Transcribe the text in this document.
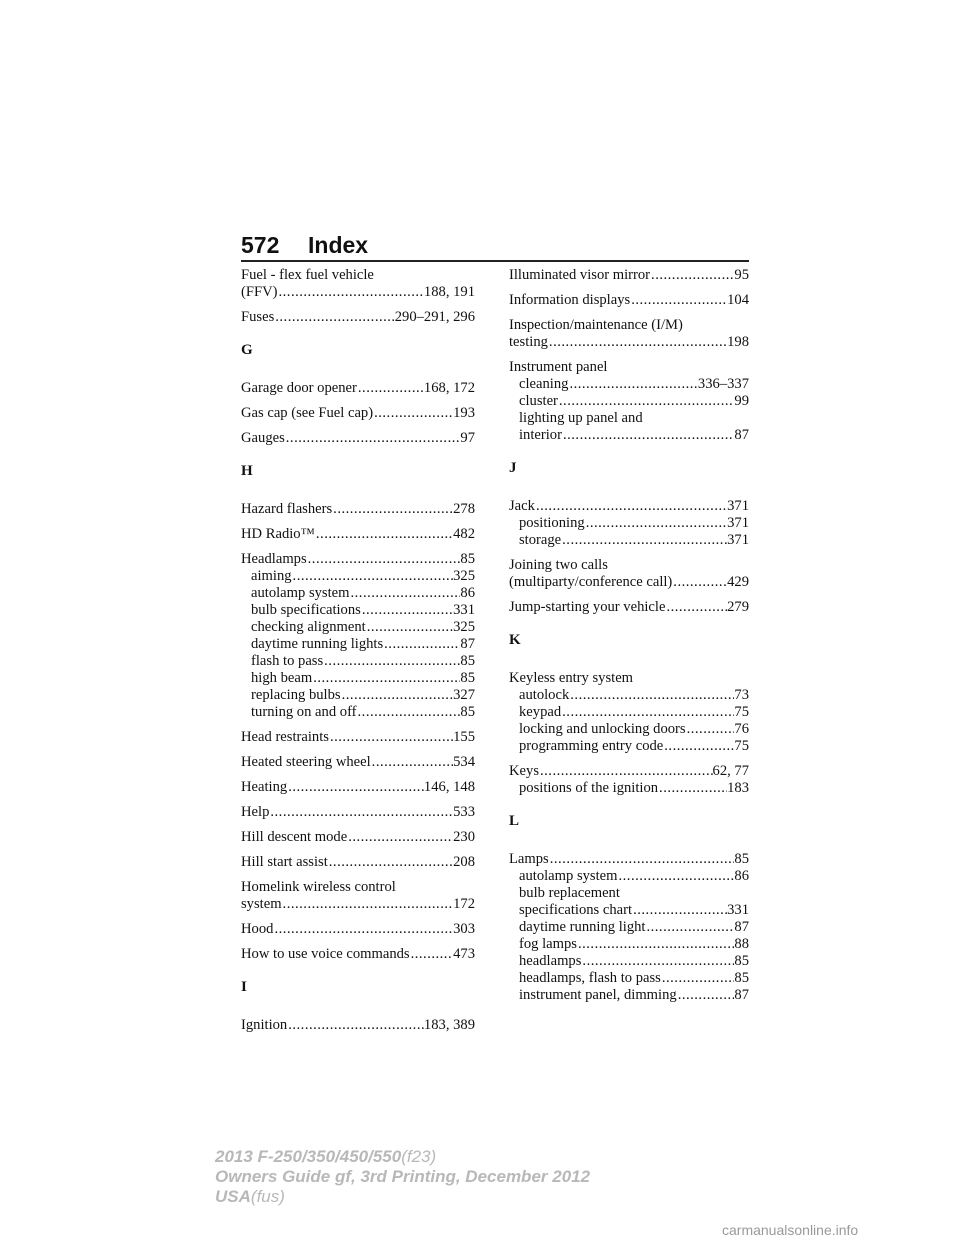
572 Index
Fuel - flex fuel vehicle
(FFV) .....	188, 191
Fuses .....	290–291, 296
G
Garage door opener .....	168, 172
Gas cap (see Fuel cap) .....	193
Gauges .....	97
H
Hazard flashers .....	278
HD Radio™ .....	482
Headlamps .....	85
aiming .....	325
autolamp system .....	86
bulb specifications .....	331
checking alignment .....	325
daytime running lights .....	87
flash to pass .....	85
high beam .....	85
replacing bulbs .....	327
turning on and off .....	85
Head restraints .....	155
Heated steering wheel .....	534
Heating .....	146, 148
Help .....	533
Hill descent mode .....	230
Hill start assist .....	208
Homelink wireless control
system .....	172
Hood .....	303
How to use voice commands .....	473
I
Ignition .....	183, 389
Illuminated visor mirror .....	95
Information displays .....	104
Inspection/maintenance (I/M)
testing .....	198
Instrument panel
cleaning .....	336–337
cluster .....	99
lighting up panel and
interior .....	87
J
Jack .....	371
positioning .....	371
storage .....	371
Joining two calls
(multiparty/conference call) .....	429
Jump-starting your vehicle .....	279
K
Keyless entry system
autolock .....	73
keypad .....	75
locking and unlocking doors .....	76
programming entry code .....	75
Keys .....	62, 77
positions of the ignition .....	183
L
Lamps .....	85
autolamp system .....	86
bulb replacement
specifications chart .....	331
daytime running light .....	87
fog lamps .....	88
headlamps .....	85
headlamps, flash to pass .....	85
instrument panel, dimming .....	87
2013 F-250/350/450/550(f23)
Owners Guide gf, 3rd Printing, December 2012
USA(fus)
carmanualsonline.info
